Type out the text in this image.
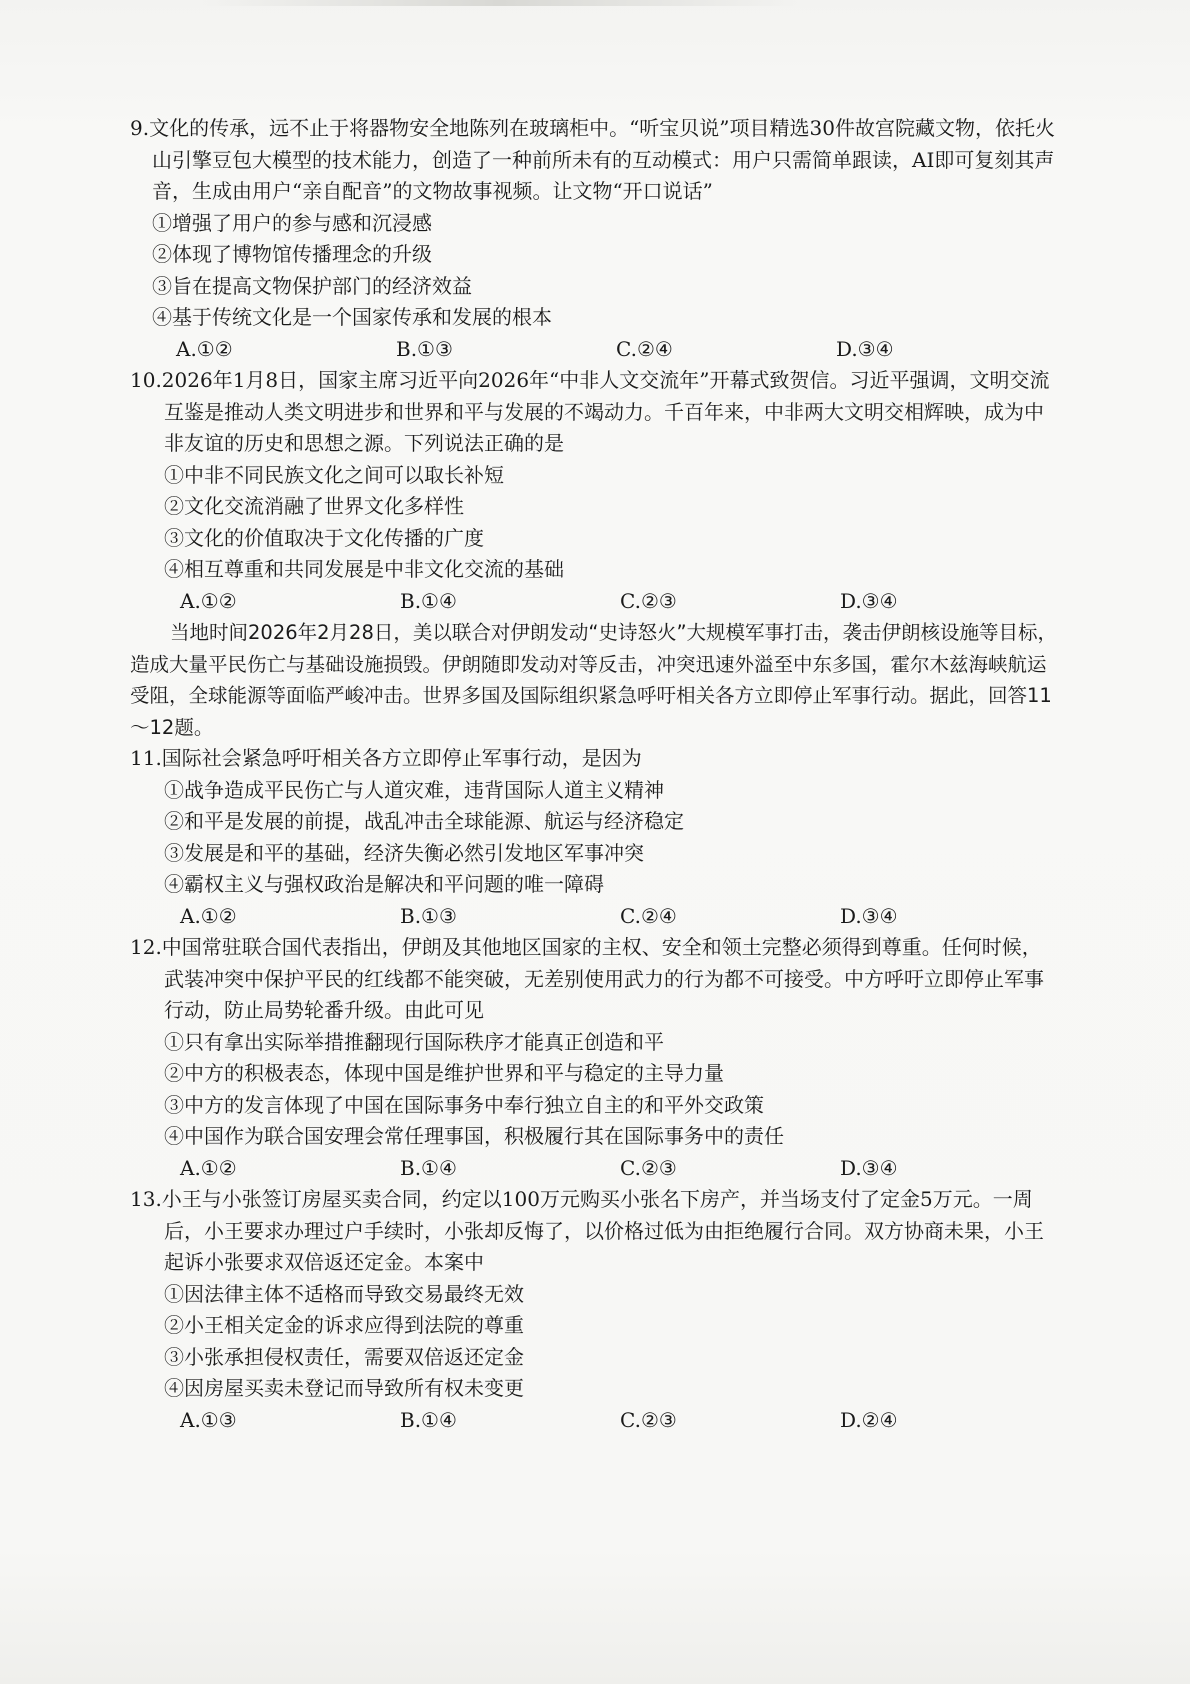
9.文化的传承，远不止于将器物安全地陈列在玻璃柜中。“听宝贝说”项目精选30件故宫院藏文物，依托火山引擎豆包大模型的技术能力，创造了一种前所未有的互动模式：用户只需简单跟读，AI即可复刻其声音，生成由用户“亲自配音”的文物故事视频。让文物“开口说话”

①增强了用户的参与感和沉浸感

②体现了博物馆传播理念的升级

③旨在提高文物保护部门的经济效益

④基于传统文化是一个国家传承和发展的根本

A.①②	B.①③	C.②④	D.③④

10.2026年1月8日，国家主席习近平向2026年“中非人文交流年”开幕式致贺信。习近平强调，文明交流互鉴是推动人类文明进步和世界和平与发展的不竭动力。千百年来，中非两大文明交相辉映，成为中非友谊的历史和思想之源。下列说法正确的是

①中非不同民族文化之间可以取长补短

②文化交流消融了世界文化多样性

③文化的价值取决于文化传播的广度

④相互尊重和共同发展是中非文化交流的基础

A.①②	B.①④	C.②③	D.③④

当地时间2026年2月28日，美以联合对伊朗发动“史诗怒火”大规模军事打击，袭击伊朗核设施等目标，造成大量平民伤亡与基础设施损毁。伊朗随即发动对等反击，冲突迅速外溢至中东多国，霍尔木兹海峡航运受阻，全球能源等面临严峻冲击。世界多国及国际组织紧急呼吁相关各方立即停止军事行动。据此，回答11～12题。

11.国际社会紧急呼吁相关各方立即停止军事行动，是因为

①战争造成平民伤亡与人道灾难，违背国际人道主义精神

②和平是发展的前提，战乱冲击全球能源、航运与经济稳定

③发展是和平的基础，经济失衡必然引发地区军事冲突

④霸权主义与强权政治是解决和平问题的唯一障碍

A.①②	B.①③	C.②④	D.③④

12.中国常驻联合国代表指出，伊朗及其他地区国家的主权、安全和领土完整必须得到尊重。任何时候，武装冲突中保护平民的红线都不能突破，无差别使用武力的行为都不可接受。中方呼吁立即停止军事行动，防止局势轮番升级。由此可见

①只有拿出实际举措推翻现行国际秩序才能真正创造和平

②中方的积极表态，体现中国是维护世界和平与稳定的主导力量

③中方的发言体现了中国在国际事务中奉行独立自主的和平外交政策

④中国作为联合国安理会常任理事国，积极履行其在国际事务中的责任

A.①②	B.①④	C.②③	D.③④

13.小王与小张签订房屋买卖合同，约定以100万元购买小张名下房产，并当场支付了定金5万元。一周后，小王要求办理过户手续时，小张却反悔了，以价格过低为由拒绝履行合同。双方协商未果，小王起诉小张要求双倍返还定金。本案中

①因法律主体不适格而导致交易最终无效

②小王相关定金的诉求应得到法院的尊重

③小张承担侵权责任，需要双倍返还定金

④因房屋买卖未登记而导致所有权未变更

A.①③	B.①④	C.②③	D.②④
